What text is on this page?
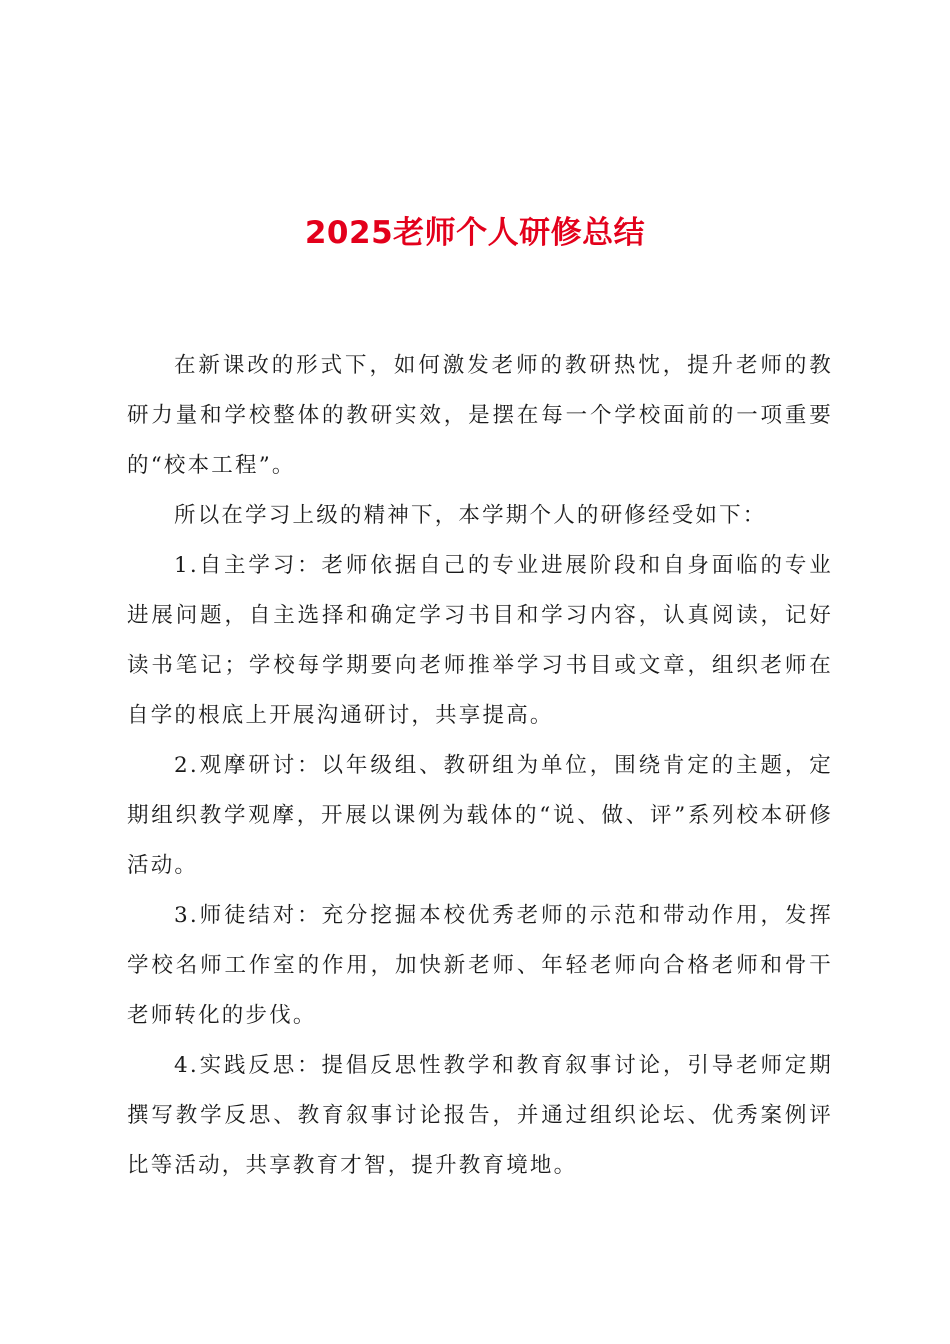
2025老师个人研修总结

在新课改的形式下，如何激发老师的教研热忱，提升老师的教研力量和学校整体的教研实效，是摆在每一个学校面前的一项重要的“校本工程”。

所以在学习上级的精神下，本学期个人的研修经受如下：

1.自主学习：老师依据自己的专业进展阶段和自身面临的专业进展问题，自主选择和确定学习书目和学习内容，认真阅读，记好读书笔记；学校每学期要向老师推举学习书目或文章，组织老师在自学的根底上开展沟通研讨，共享提高。

2.观摩研讨：以年级组、教研组为单位，围绕肯定的主题，定期组织教学观摩，开展以课例为载体的“说、做、评”系列校本研修活动。

3.师徒结对：充分挖掘本校优秀老师的示范和带动作用，发挥学校名师工作室的作用，加快新老师、年轻老师向合格老师和骨干老师转化的步伐。

4.实践反思：提倡反思性教学和教育叙事讨论，引导老师定期撰写教学反思、教育叙事讨论报告，并通过组织论坛、优秀案例评比等活动，共享教育才智，提升教育境地。
